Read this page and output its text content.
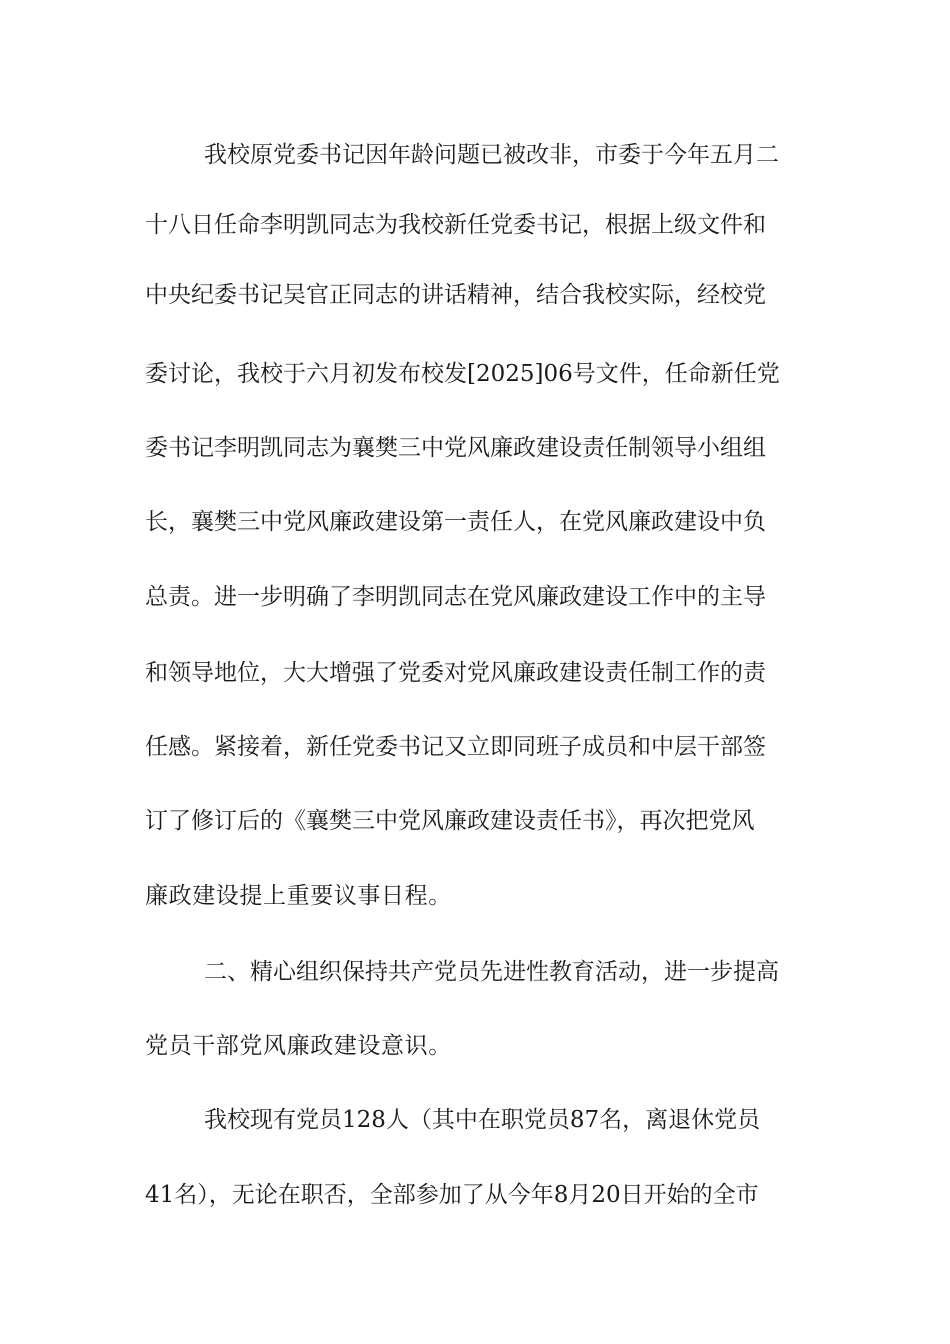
我校原党委书记因年龄问题已被改非，市委于今年五月二
十八日任命李明凯同志为我校新任党委书记，根据上级文件和
中央纪委书记吴官正同志的讲话精神，结合我校实际，经校党
委讨论，我校于六月初发布校发[2025]06号文件，任命新任党
委书记李明凯同志为襄樊三中党风廉政建设责任制领导小组组
长，襄樊三中党风廉政建设第一责任人，在党风廉政建设中负
总责。进一步明确了李明凯同志在党风廉政建设工作中的主导
和领导地位，大大增强了党委对党风廉政建设责任制工作的责
任感。紧接着，新任党委书记又立即同班子成员和中层干部签
订了修订后的《襄樊三中党风廉政建设责任书》，再次把党风
廉政建设提上重要议事日程。
二、精心组织保持共产党员先进性教育活动，进一步提高
党员干部党风廉政建设意识。
我校现有党员128人（其中在职党员87名，离退休党员
41名），无论在职否，全部参加了从今年8月20日开始的全市
